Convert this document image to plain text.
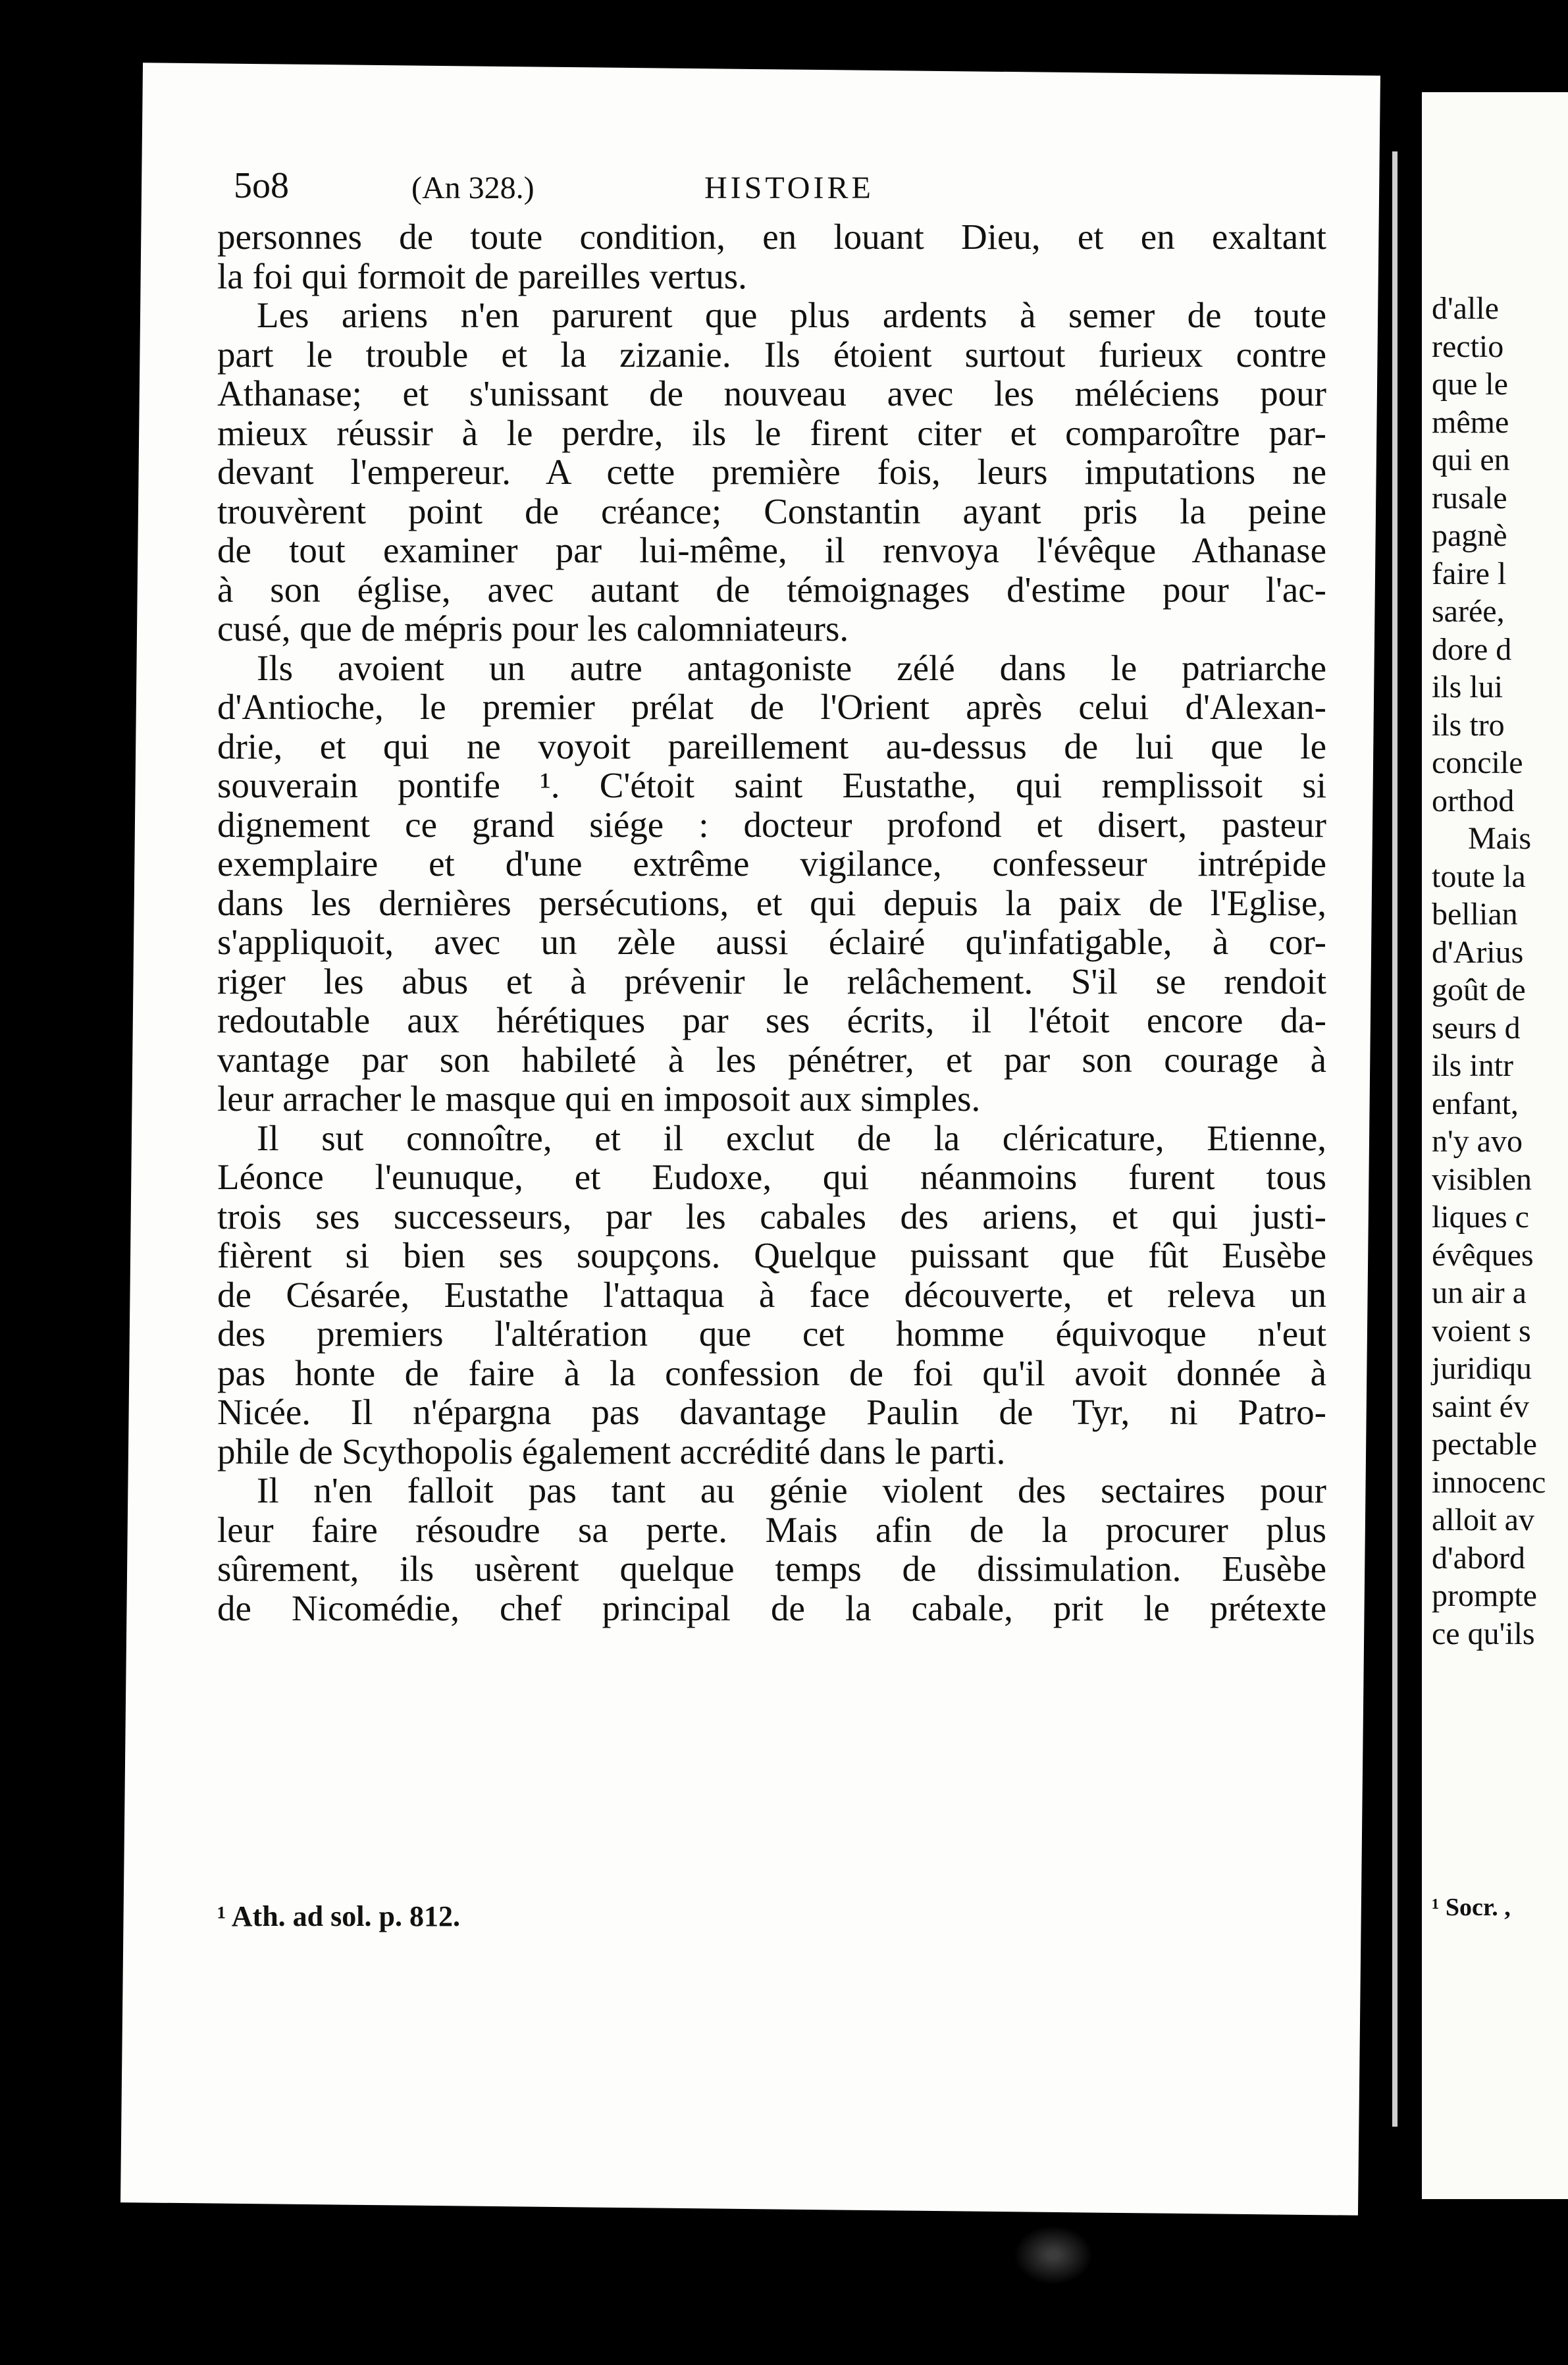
d'alle
rectio
que le
même
qui en
rusale
pagnè
faire l
sarée,
dore d
ils lui
ils tro
concile
orthod
Mais
toute la
bellian
d'Arius
goût de
seurs d
ils intr
enfant,
n'y avo
visiblen
liques c
évêques
un air a
voient s
juridiqu
saint év
pectable
innocenc
alloit av
d'abord
prompte
ce qu'ils
¹ Socr. ,
5o8	(An 328.)	HISTOIRE
personnes de toute condition, en louant Dieu, et en exaltant
la foi qui formoit de pareilles vertus.
Les ariens n'en parurent que plus ardents à semer de toute
part le trouble et la zizanie. Ils étoient surtout furieux contre
Athanase; et s'unissant de nouveau avec les méléciens pour
mieux réussir à le perdre, ils le firent citer et comparoître par-
devant l'empereur. A cette première fois, leurs imputations ne
trouvèrent point de créance; Constantin ayant pris la peine
de tout examiner par lui-même, il renvoya l'évêque Athanase
à son église, avec autant de témoignages d'estime pour l'ac-
cusé, que de mépris pour les calomniateurs.
Ils avoient un autre antagoniste zélé dans le patriarche
d'Antioche, le premier prélat de l'Orient après celui d'Alexan-
drie, et qui ne voyoit pareillement au-dessus de lui que le
souverain pontife ¹. C'étoit saint Eustathe, qui remplissoit si
dignement ce grand siége : docteur profond et disert, pasteur
exemplaire et d'une extrême vigilance, confesseur intrépide
dans les dernières persécutions, et qui depuis la paix de l'Eglise,
s'appliquoit, avec un zèle aussi éclairé qu'infatigable, à cor-
riger les abus et à prévenir le relâchement. S'il se rendoit
redoutable aux hérétiques par ses écrits, il l'étoit encore da-
vantage par son habileté à les pénétrer, et par son courage à
leur arracher le masque qui en imposoit aux simples.
Il sut connoître, et il exclut de la cléricature, Etienne,
Léonce l'eunuque, et Eudoxe, qui néanmoins furent tous
trois ses successeurs, par les cabales des ariens, et qui justi-
fièrent si bien ses soupçons. Quelque puissant que fût Eusèbe
de Césarée, Eustathe l'attaqua à face découverte, et releva un
des premiers l'altération que cet homme équivoque n'eut
pas honte de faire à la confession de foi qu'il avoit donnée à
Nicée. Il n'épargna pas davantage Paulin de Tyr, ni Patro-
phile de Scythopolis également accrédité dans le parti.
Il n'en falloit pas tant au génie violent des sectaires pour
leur faire résoudre sa perte. Mais afin de la procurer plus
sûrement, ils usèrent quelque temps de dissimulation. Eusèbe
de Nicomédie, chef principal de la cabale, prit le prétexte
¹ Ath. ad sol. p. 812.
